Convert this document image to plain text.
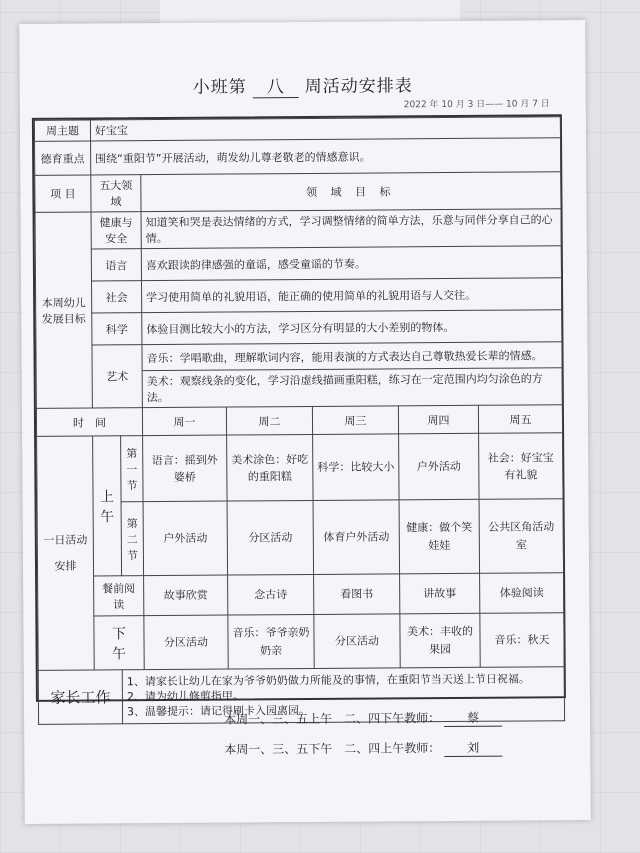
小班第 八 周活动安排表
2022 年 10 月 3 日—— 10 月 7 日
周主题	好宝宝						
德育重点	围绕“重阳节”开展活动，萌发幼儿尊老敬老的情感意识。						
项 目	五大领域		领 域 目 标				
本周幼儿发展目标	健康与安全		知道笑和哭是表达情绪的方式，学习调整情绪的简单方法，乐意与同伴分享自己的心情。				
	语言		喜欢跟读韵律感强的童谣，感受童谣的节奏。				
	社会		学习使用简单的礼貌用语，能正确的使用简单的礼貌用语与人交往。				
	科学		体验目测比较大小的方法，学习区分有明显的大小差别的物体。				
	艺术		音乐：学唱歌曲，理解歌词内容，能用表演的方式表达自己尊敬热爱长辈的情感。				
			美术：观察线条的变化，学习沿虚线描画重阳糕，练习在一定范围内均匀涂色的方法。				
时　间			周一	周二	周三	周四	周五
一日活动安排	上　午	第一节	语言：摇到外婆桥	美术涂色：好吃的重阳糕	科学：比较大小	户外活动	社会：好宝宝有礼貌
		第二节	户外活动	分区活动	体育户外活动	健康：做个笑娃娃	公共区角活动室
	餐前阅读		故事欣赏	念古诗	看图书	讲故事	体验阅读
	下　午		分区活动	音乐：爷爷亲奶奶亲	分区活动	美术：丰收的果园	音乐：秋天
家长工作		1、请家长让幼儿在家为爷爷奶奶做力所能及的事情，在重阳节当天送上节日祝福。
2、请为幼儿修剪指甲。
3、温馨提示：请记得刷卡入园离园。					
本周一、三、五上午　二、四下午教师： 蔡
本周一、三、五下午　二、四上午教师： 刘
